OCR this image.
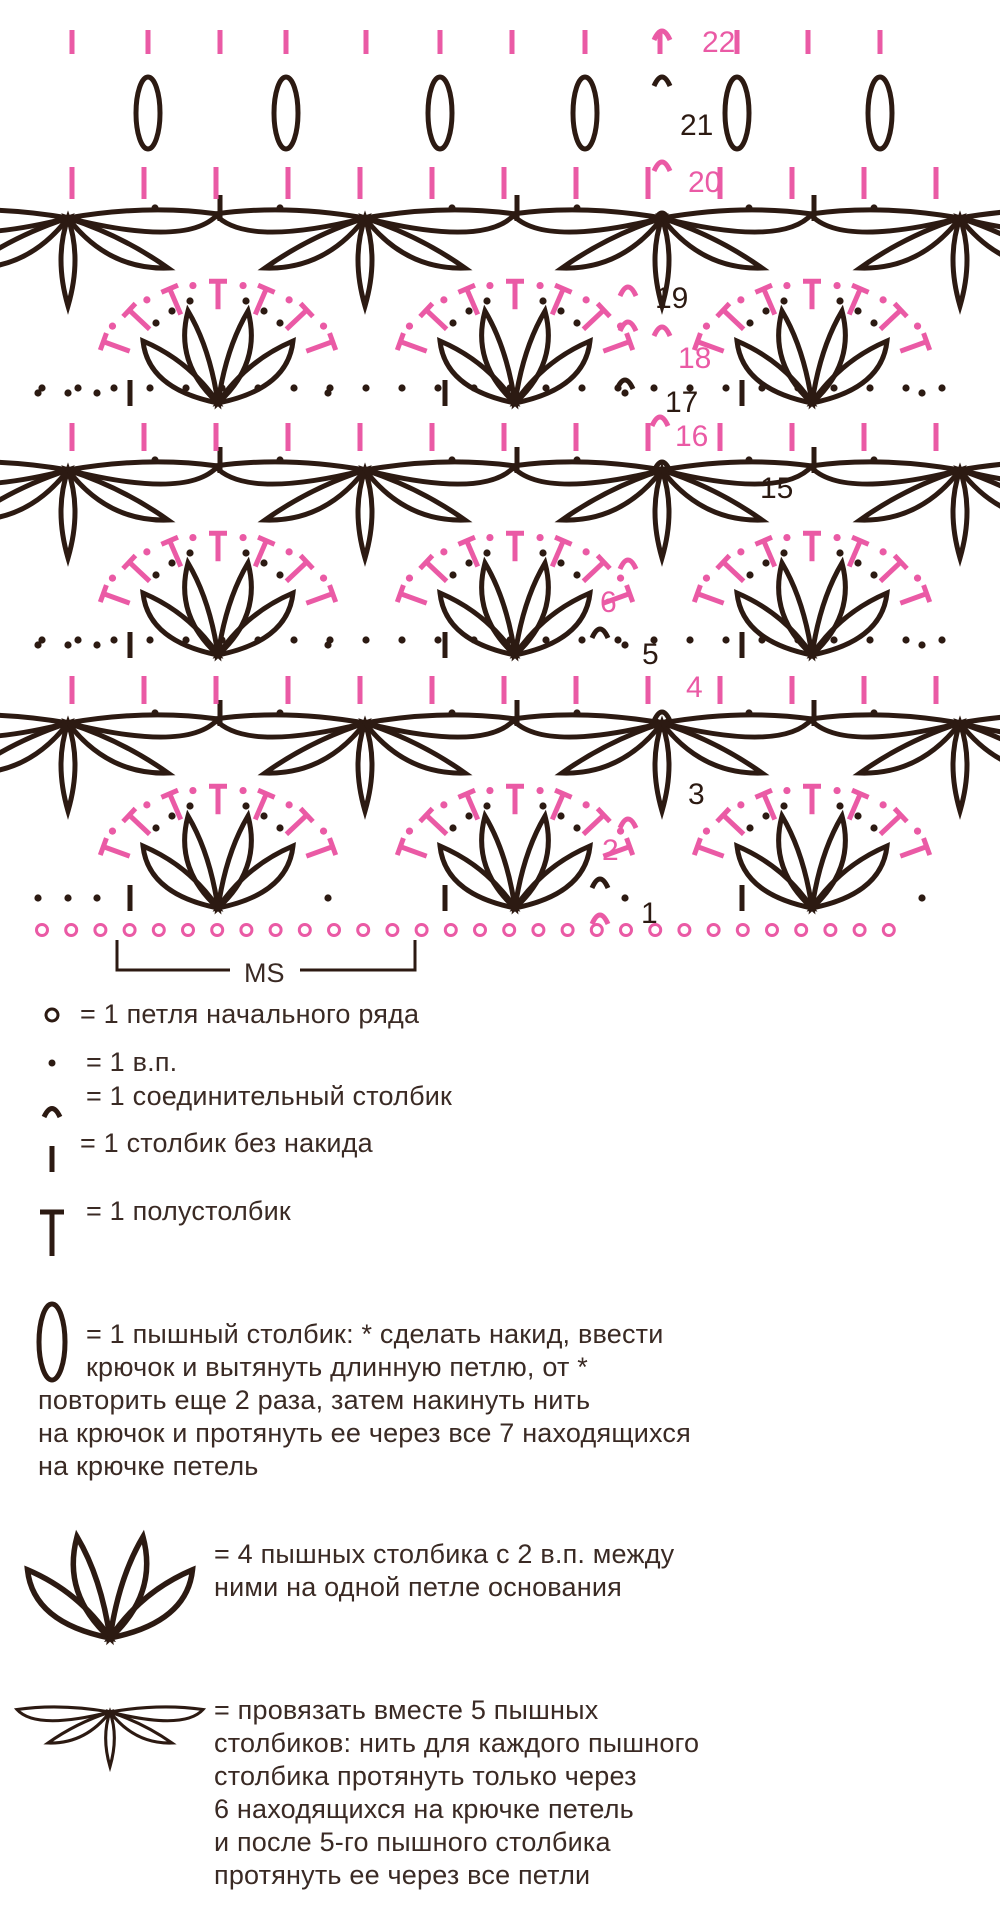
22
21
20
19
18
17
16
15
6
5
4
3
2
1
MS
= 1 петля начального ряда
= 1 в.п.
= 1 соединительный столбик
= 1 столбик без накида
= 1 полустолбик
= 1 пышный столбик: * сделать накид, ввести
крючок и вытянуть длинную петлю, от *
повторить еще 2 раза, затем накинуть нить
на крючок и протянуть ее через все 7 находящихся
на крючке петель
= 4 пышных столбика с 2 в.п. между
ними на одной петле основания
= провязать вместе 5 пышных
столбиков: нить для каждого пышного
столбика протянуть только через
6 находящихся на крючке петель
и после 5-го пышного столбика
протянуть ее через все петли
